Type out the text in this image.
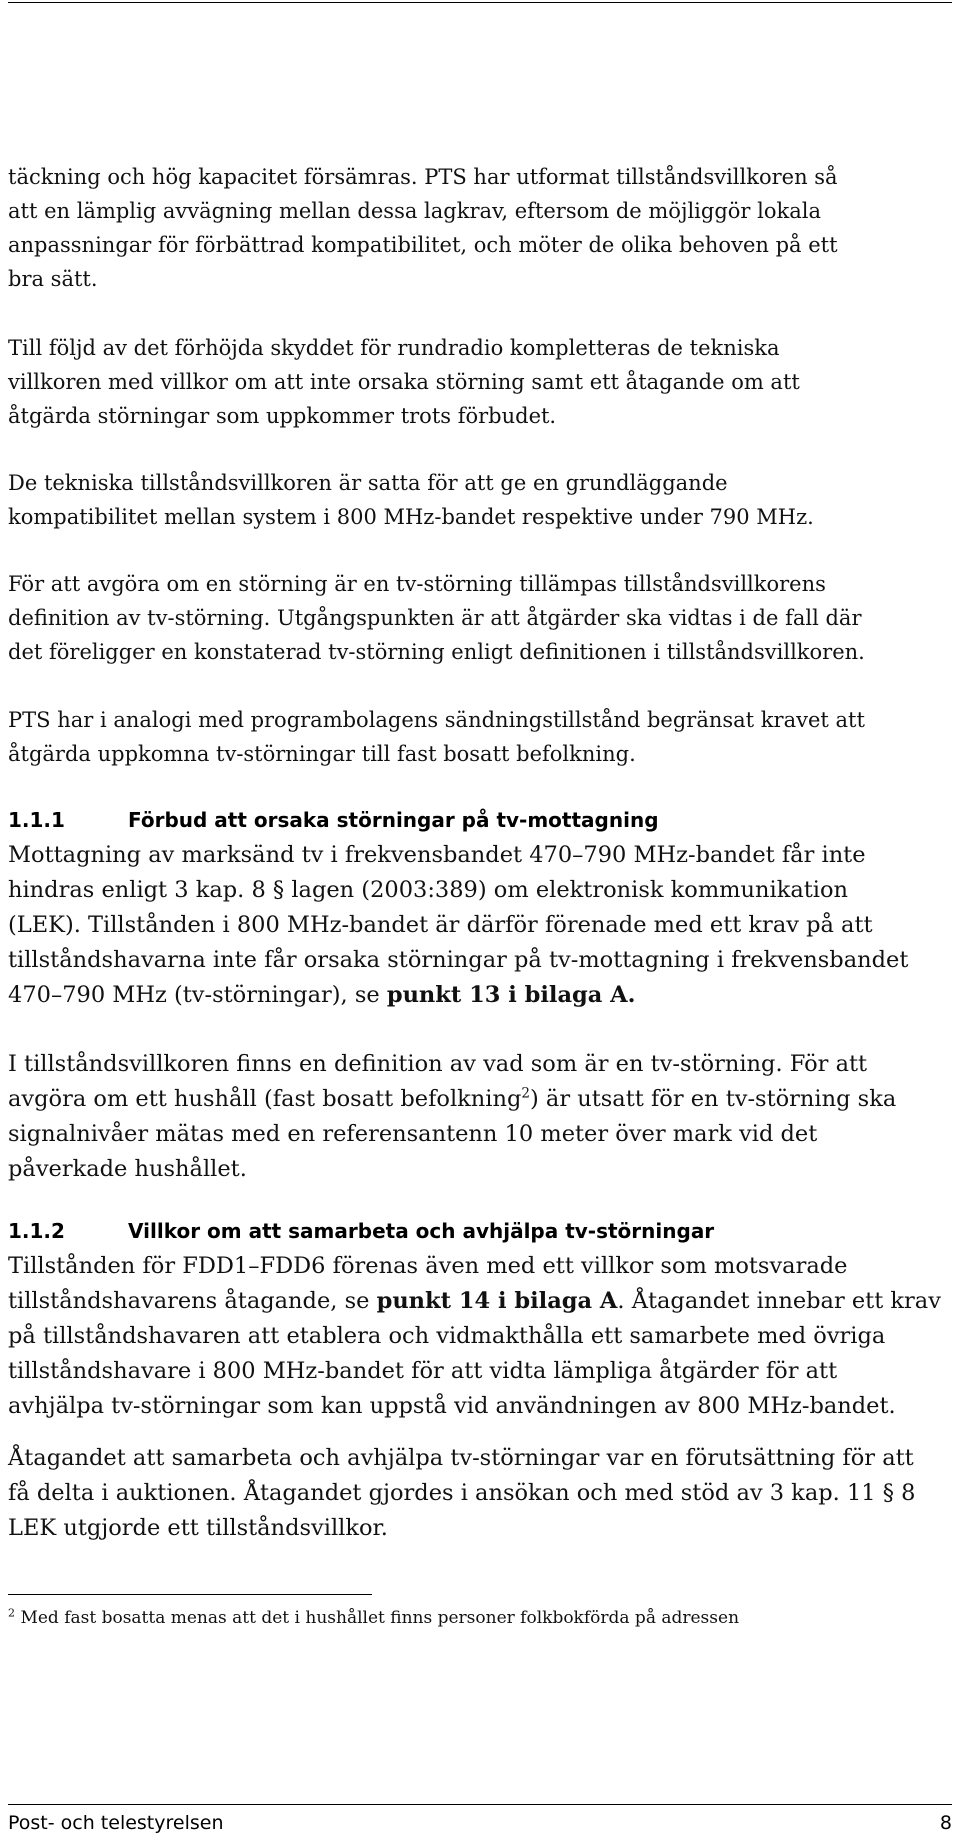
täckning och hög kapacitet försämras. PTS har utformat tillståndsvillkoren så
att en lämplig avvägning mellan dessa lagkrav, eftersom de möjliggör lokala
anpassningar för förbättrad kompatibilitet, och möter de olika behoven på ett
bra sätt.
Till följd av det förhöjda skyddet för rundradio kompletteras de tekniska
villkoren med villkor om att inte orsaka störning samt ett åtagande om att
åtgärda störningar som uppkommer trots förbudet.
De tekniska tillståndsvillkoren är satta för att ge en grundläggande
kompatibilitet mellan system i 800 MHz-bandet respektive under 790 MHz.
För att avgöra om en störning är en tv-störning tillämpas tillståndsvillkorens
definition av tv-störning. Utgångspunkten är att åtgärder ska vidtas i de fall där
det föreligger en konstaterad tv-störning enligt definitionen i tillståndsvillkoren.
PTS har i analogi med programbolagens sändningstillstånd begränsat kravet att
åtgärda uppkomna tv-störningar till fast bosatt befolkning.
1.1.1	Förbud att orsaka störningar på tv-mottagning
Mottagning av marksänd tv i frekvensbandet 470–790 MHz-bandet får inte
hindras enligt 3 kap. 8 § lagen (2003:389) om elektronisk kommunikation
(LEK). Tillstånden i 800 MHz-bandet är därför förenade med ett krav på att
tillståndshavarna inte får orsaka störningar på tv-mottagning i frekvensbandet
470–790 MHz (tv-störningar), se punkt 13 i bilaga A.
I tillståndsvillkoren finns en definition av vad som är en tv-störning. För att
avgöra om ett hushåll (fast bosatt befolkning$^2$) är utsatt för en tv-störning ska
signalnivåer mätas med en referensantenn 10 meter över mark vid det
påverkade hushållet.
1.1.2	Villkor om att samarbeta och avhjälpa tv-störningar
Tillstånden för FDD1–FDD6 förenas även med ett villkor som motsvarade
tillståndshavarens åtagande, se punkt 14 i bilaga A. Åtagandet innebar ett krav
på tillståndshavaren att etablera och vidmakthålla ett samarbete med övriga
tillståndshavare i 800 MHz-bandet för att vidta lämpliga åtgärder för att
avhjälpa tv-störningar som kan uppstå vid användningen av 800 MHz-bandet.
Åtagandet att samarbeta och avhjälpa tv-störningar var en förutsättning för att
få delta i auktionen. Åtagandet gjordes i ansökan och med stöd av 3 kap. 11 § 8
LEK utgjorde ett tillståndsvillkor.
$^2$ Med fast bosatta menas att det i hushållet finns personer folkbokförda på adressen
Post- och telestyrelsen	8
